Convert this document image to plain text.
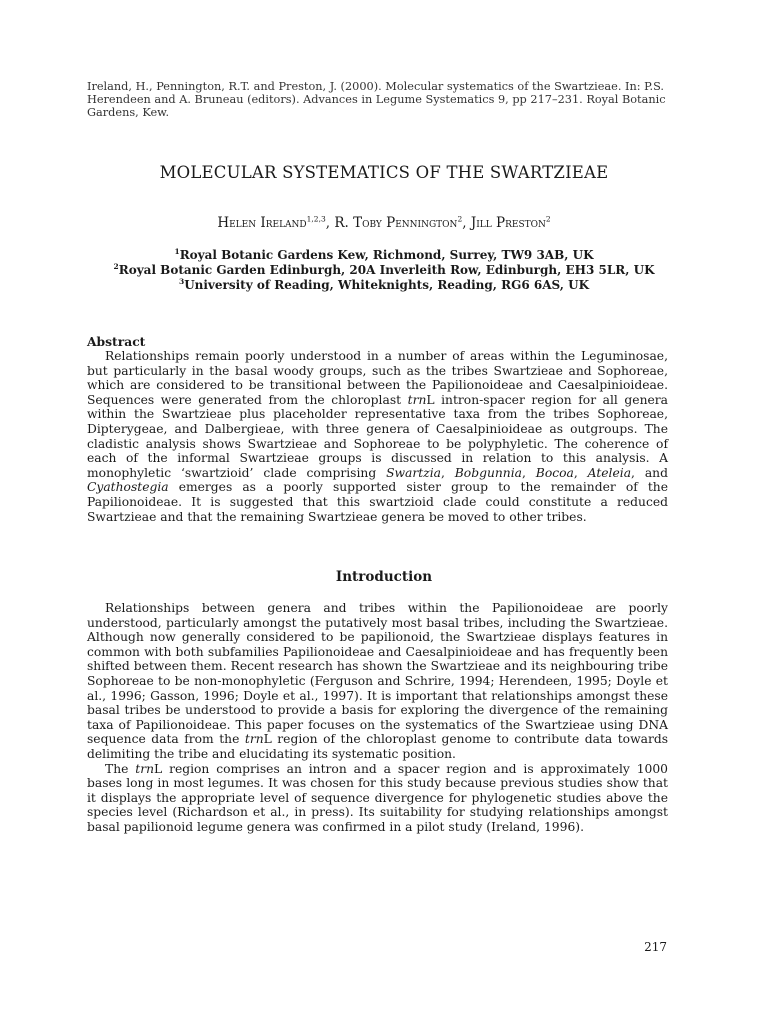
Ireland, H., Pennington, R.T. and Preston, J. (2000). Molecular systematics of the Swartzieae. In: P.S. Herendeen and A. Bruneau (editors). Advances in Legume Systematics 9, pp 217–231. Royal Botanic Gardens, Kew.
MOLECULAR SYSTEMATICS OF THE SWARTZIEAE
Helen Ireland$^{1,2,3}$, R. Toby Pennington$^2$, Jill Preston$^2$
$^1$Royal Botanic Gardens Kew, Richmond, Surrey, TW9 3AB, UK
$^2$Royal Botanic Garden Edinburgh, 20A Inverleith Row, Edinburgh, EH3 5LR, UK
$^3$University of Reading, Whiteknights, Reading, RG6 6AS, UK
Abstract

Relationships remain poorly understood in a number of areas within the Leguminosae, but particularly in the basal woody groups, such as the tribes Swartzieae and Sophoreae, which are considered to be transitional between the Papilionoideae and Caesalpinioideae. Sequences were generated from the chloroplast trnL intron-spacer region for all genera within the Swartzieae plus placeholder representative taxa from the tribes Sophoreae, Dipterygeae, and Dalbergieae, with three genera of Caesalpinioideae as outgroups. The cladistic analysis shows Swartzieae and Sophoreae to be polyphyletic. The coherence of each of the informal Swartzieae groups is discussed in relation to this analysis. A monophyletic ‘swartzioid’ clade comprising Swartzia, Bobgunnia, Bocoa, Ateleia, and Cyathostegia emerges as a poorly supported sister group to the remainder of the Papilionoideae. It is suggested that this swartzioid clade could constitute a reduced Swartzieae and that the remaining Swartzieae genera be moved to other tribes.

Introduction

Relationships between genera and tribes within the Papilionoideae are poorly understood, particularly amongst the putatively most basal tribes, including the Swartzieae. Although now generally considered to be papilionoid, the Swartzieae displays features in common with both subfamilies Papilionoideae and Caesalpinioideae and has frequently been shifted between them. Recent research has shown the Swartzieae and its neighbouring tribe Sophoreae to be non-monophyletic (Ferguson and Schrire, 1994; Herendeen, 1995; Doyle et al., 1996; Gasson, 1996; Doyle et al., 1997). It is important that relationships amongst these basal tribes be understood to provide a basis for exploring the divergence of the remaining taxa of Papilionoideae. This paper focuses on the systematics of the Swartzieae using DNA sequence data from the trnL region of the chloroplast genome to contribute data towards delimiting the tribe and elucidating its systematic position.

The trnL region comprises an intron and a spacer region and is approximately 1000 bases long in most legumes. It was chosen for this study because previous studies show that it displays the appropriate level of sequence divergence for phylogenetic studies above the species level (Richardson et al., in press). Its suitability for studying relationships amongst basal papilionoid legume genera was confirmed in a pilot study (Ireland, 1996).

217
